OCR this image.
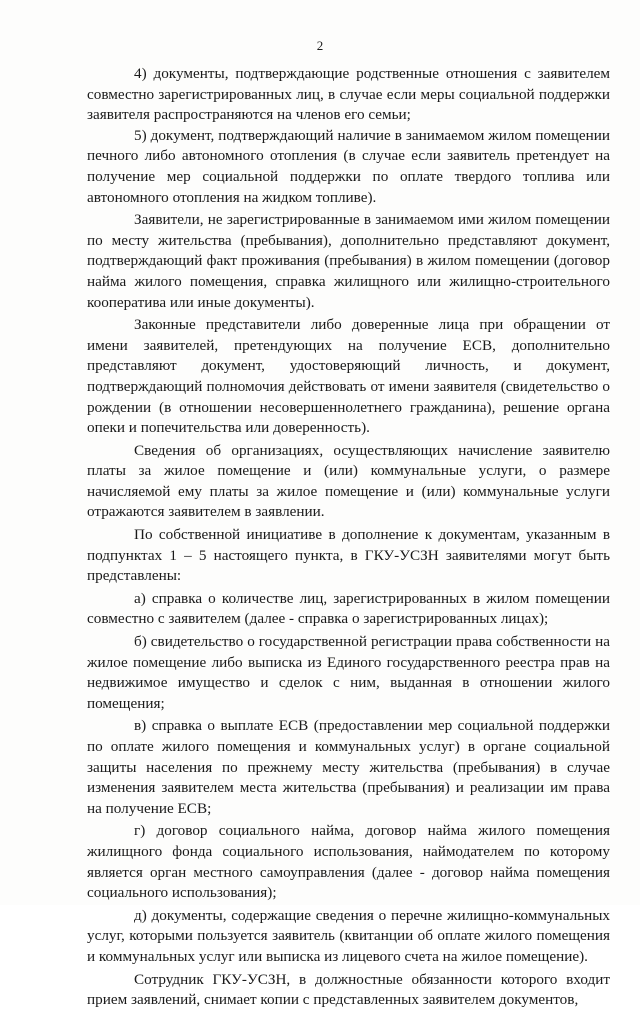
2

4) документы, подтверждающие родственные отношения с заявителем совместно зарегистрированных лиц, в случае если меры социальной поддержки заявителя распространяются на членов его семьи;

5) документ, подтверждающий наличие в занимаемом жилом помещении печного либо автономного отопления (в случае если заявитель претендует на получение мер социальной поддержки по оплате твердого топлива или автономного отопления на жидком топливе).

Заявители, не зарегистрированные в занимаемом ими жилом помещении по месту жительства (пребывания), дополнительно представляют документ, подтверждающий факт проживания (пребывания) в жилом помещении (договор найма жилого помещения, справка жилищного или жилищно-строительного кооператива или иные документы).

Законные представители либо доверенные лица при обращении от имени заявителей, претендующих на получение ЕСВ, дополнительно представляют документ, удостоверяющий личность, и документ, подтверждающий полномочия действовать от имени заявителя (свидетельство о рождении (в отношении несовершеннолетнего гражданина), решение органа опеки и попечительства или доверенность).

Сведения об организациях, осуществляющих начисление заявителю платы за жилое помещение и (или) коммунальные услуги, о размере начисляемой ему платы за жилое помещение и (или) коммунальные услуги отражаются заявителем в заявлении.

По собственной инициативе в дополнение к документам, указанным в подпунктах 1 – 5 настоящего пункта, в ГКУ-УСЗН заявителями могут быть представлены:

а) справка о количестве лиц, зарегистрированных в жилом помещении совместно с заявителем (далее - справка о зарегистрированных лицах);

б) свидетельство о государственной регистрации права собственности на жилое помещение либо выписка из Единого государственного реестра прав на недвижимое имущество и сделок с ним, выданная в отношении жилого помещения;

в) справка о выплате ЕСВ (предоставлении мер социальной поддержки по оплате жилого помещения и коммунальных услуг) в органе социальной защиты населения по прежнему месту жительства (пребывания) в случае изменения заявителем места жительства (пребывания) и реализации им права на получение ЕСВ;

г) договор социального найма, договор найма жилого помещения жилищного фонда социального использования, наймодателем по которому является орган местного самоуправления (далее - договор найма помещения социального использования);

д) документы, содержащие сведения о перечне жилищно-коммунальных услуг, которыми пользуется заявитель (квитанции об оплате жилого помещения и коммунальных услуг или выписка из лицевого счета на жилое помещение).

Сотрудник ГКУ-УСЗН, в должностные обязанности которого входит прием заявлений, снимает копии с представленных заявителем документов,
